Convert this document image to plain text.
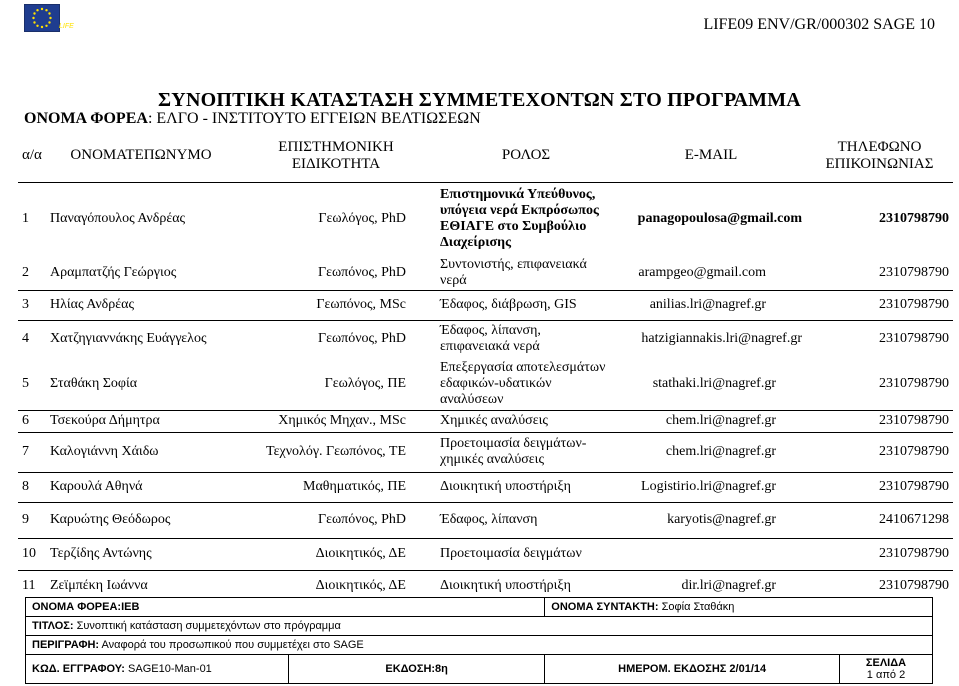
LIFE	LIFE09 ENV/GR/000302 SAGE 10
ΣΥΝΟΠΤΙΚΗ ΚΑΤΑΣΤΑΣΗ ΣΥΜΜΕΤΕΧΟΝΤΩΝ ΣΤΟ ΠΡΟΓΡΑΜΜΑ
ΟΝΟΜΑ ΦΟΡΕΑ: ΕΛΓΟ - ΙΝΣΤΙΤΟΥΤΟ ΕΓΓΕΙΩΝ ΒΕΛΤΙΩΣΕΩΝ
α/α	ΟΝΟΜΑΤΕΠΩΝΥΜΟ	ΕΠΙΣΤΗΜΟΝΙΚΗ
ΕΙΔΙΚΟΤΗΤΑ	ΡΟΛΟΣ	E-MAIL	ΤΗΛΕΦΩΝΟ
ΕΠΙΚΟΙΝΩΝΙΑΣ
1	Παναγόπουλος Ανδρέας	Γεωλόγος, PhD	Επιστημονικά Υπεύθυνος, υπόγεια νερά Εκπρόσωπος ΕΘΙΑΓΕ στο Συμβούλιο Διαχείρισης	panagopoulosa@gmail.com	2310798790
2	Αραμπατζής Γεώργιος	Γεωπόνος, PhD	Συντονιστής, επιφανειακά νερά	arampgeo@gmail.com	2310798790
3	Ηλίας Ανδρέας	Γεωπόνος, MSc	Έδαφος, διάβρωση, GIS	anilias.lri@nagref.gr	2310798790
4	Χατζηγιαννάκης Ευάγγελος	Γεωπόνος, PhD	Έδαφος, λίπανση, επιφανειακά νερά	hatzigiannakis.lri@nagref.gr	2310798790
5	Σταθάκη Σοφία	Γεωλόγος, ΠΕ	Επεξεργασία αποτελεσμάτων εδαφικών-υδατικών αναλύσεων	stathaki.lri@nagref.gr	2310798790
6	Τσεκούρα Δήμητρα	Χημικός Μηχαν., MSc	Χημικές αναλύσεις	chem.lri@nagref.gr	2310798790
7	Καλογιάννη Χάιδω	Τεχνολόγ. Γεωπόνος, ΤΕ	Προετοιμασία δειγμάτων- χημικές αναλύσεις	chem.lri@nagref.gr	2310798790
8	Καρουλά Αθηνά	Μαθηματικός, ΠΕ	Διοικητική υποστήριξη	Logistirio.lri@nagref.gr	2310798790
9	Καρυώτης Θεόδωρος	Γεωπόνος, PhD	Έδαφος, λίπανση	karyotis@nagref.gr	2410671298
10	Τερζίδης Αντώνης	Διοικητικός, ΔΕ	Προετοιμασία δειγμάτων		2310798790
11	Ζεϊμπέκη Ιωάννα	Διοικητικός, ΔΕ	Διοικητική υποστήριξη	dir.lri@nagref.gr	2310798790
ΟΝΟΜΑ ΦΟΡΕΑ:ΙΕΒ		ΟΝΟΜΑ ΣΥΝΤΑΚΤΗ: Σοφία Σταθάκη	
ΤΙΤΛΟΣ: Συνοπτική κατάσταση συμμετεχόντων στο πρόγραμμα			
ΠΕΡΙΓΡΑΦΗ: Αναφορά του προσωπικού που συμμετέχει στο SAGE			
ΚΩΔ. ΕΓΓΡΑΦΟΥ: SAGE10-Man-01	ΕΚΔΟΣΗ:8η	ΗΜΕΡΟΜ. ΕΚΔΟΣΗΣ 2/01/14	ΣΕΛΙΔΑ
1 από 2
